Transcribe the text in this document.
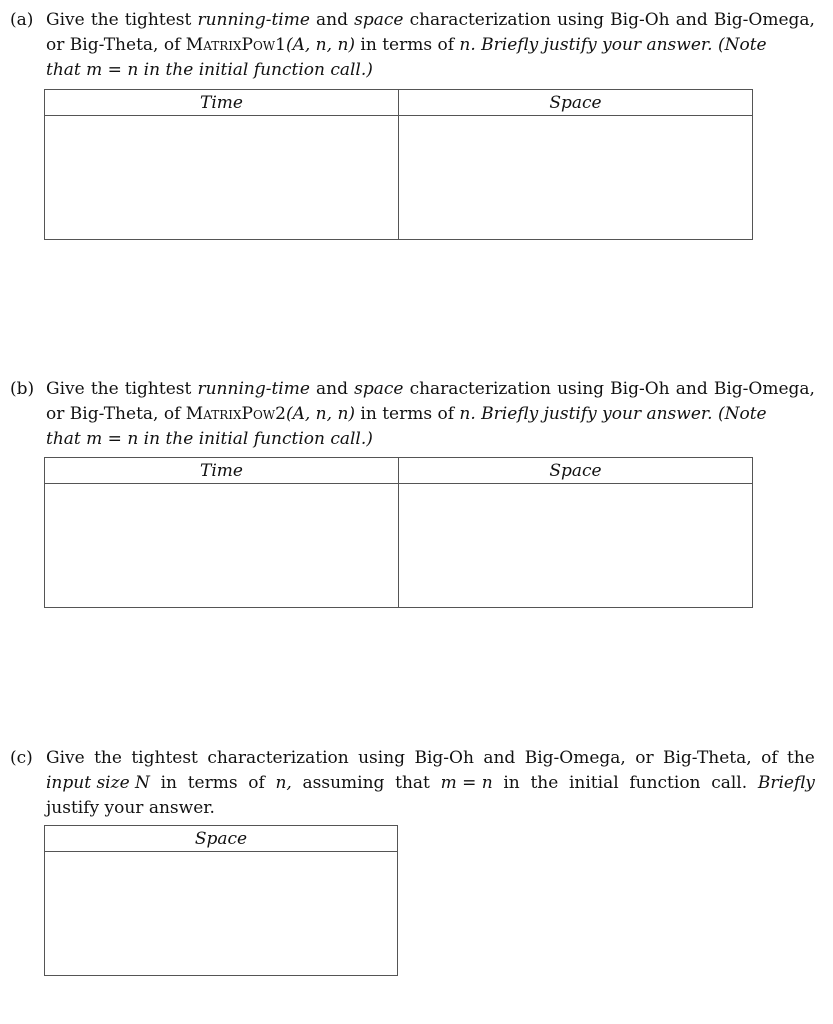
(a) Give the tightest running-time and space characterization using Big-Oh and Big-Omega,
or Big-Theta, of MatrixPow1(A, n, n) in terms of n. Briefly justify your answer. (Note
that m = n in the initial function call.)
Time	Space

(b) Give the tightest running-time and space characterization using Big-Oh and Big-Omega,
or Big-Theta, of MatrixPow2(A, n, n) in terms of n. Briefly justify your answer. (Note
that m = n in the initial function call.)
Time	Space

(c) Give the tightest characterization using Big-Oh and Big-Omega, or Big-Theta, of the
input size N in terms of n, assuming that m = n in the initial function call. Briefly
justify your answer.
Space
